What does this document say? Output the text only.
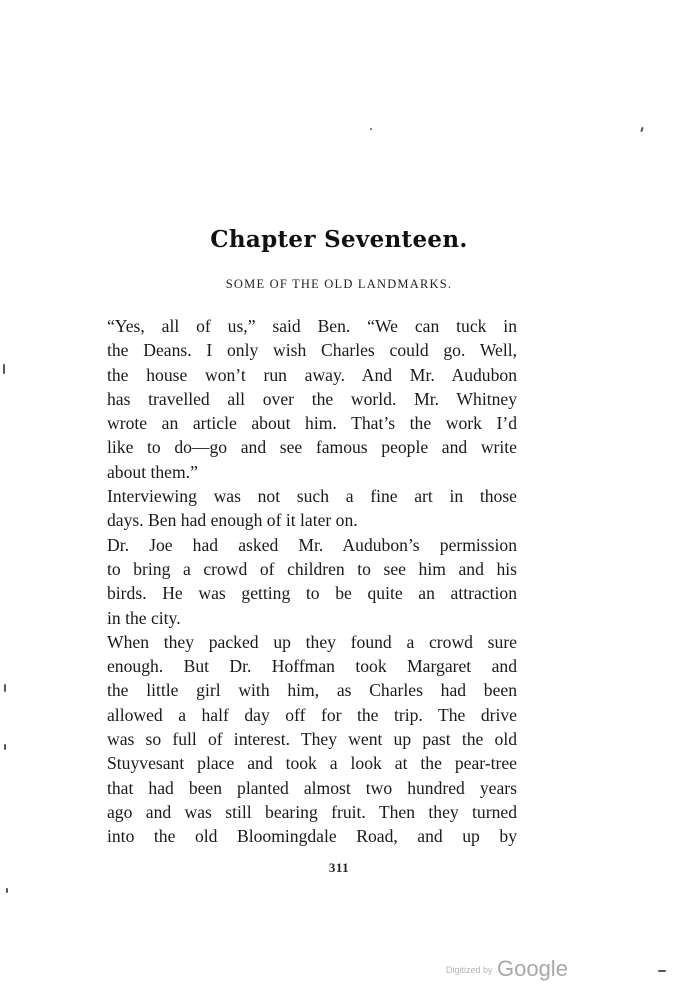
Chapter Seventeen.
SOME OF THE OLD LANDMARKS.
“Yes, all of us,” said Ben. “We can tuck in
the Deans. I only wish Charles could go. Well,
the house won’t run away. And Mr. Audubon
has travelled all over the world. Mr. Whitney
wrote an article about him. That’s the work I’d
like to do—go and see famous people and write
about them.”
Interviewing was not such a fine art in those
days. Ben had enough of it later on.
Dr. Joe had asked Mr. Audubon’s permission
to bring a crowd of children to see him and his
birds. He was getting to be quite an attraction
in the city.
When they packed up they found a crowd sure
enough. But Dr. Hoffman took Margaret and
the little girl with him, as Charles had been
allowed a half day off for the trip. The drive
was so full of interest. They went up past the old
Stuyvesant place and took a look at the pear-tree
that had been planted almost two hundred years
ago and was still bearing fruit. Then they turned
into the old Bloomingdale Road, and up by
311
Digitized by Google
